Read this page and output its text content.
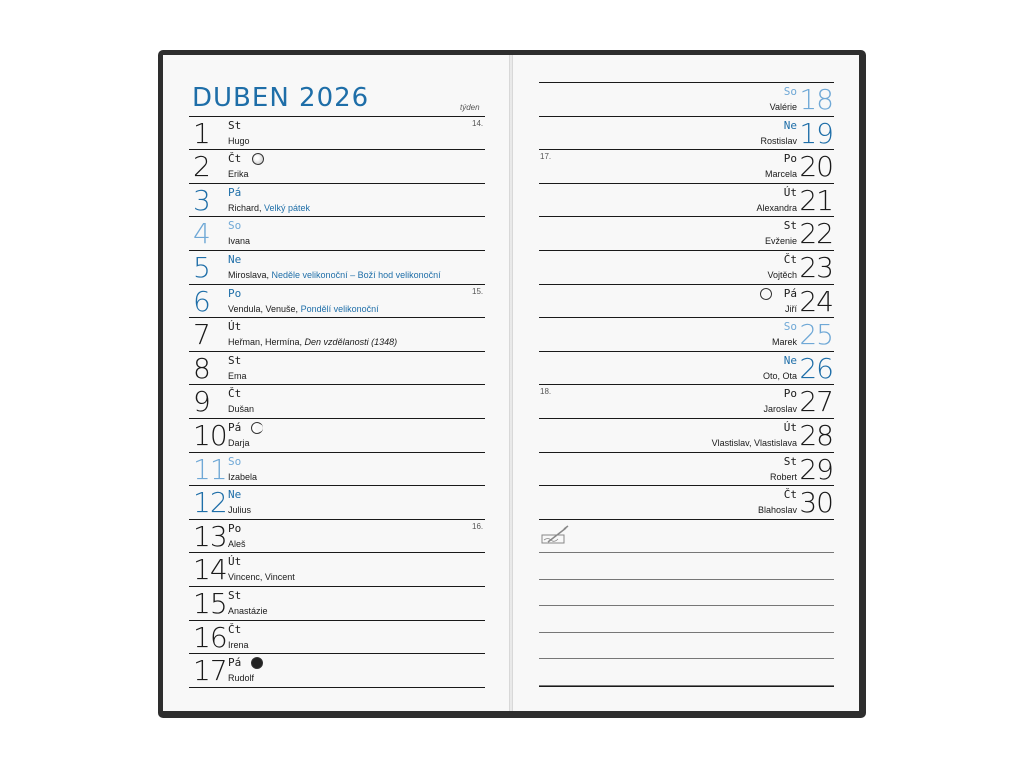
DUBEN 2026	týden
1 St
Hugo
14.
2 Čt
Erika
3 Pá
Richard, Velký pátek
4 So
Ivana
5 Ne
Miroslava, Neděle velikonoční – Boží hod velikonoční
6 Po
Vendula, Venuše, Pondělí velikonoční
15.
7 Út
Heřman, Hermína, Den vzdělanosti (1348)
8 St
Ema
9 Čt
Dušan
10 Pá
Darja
11 So
Izabela
12 Ne
Julius
13 Po
Aleš
16.
14 Út
Vincenc, Vincent
15 St
Anastázie
16 Čt
Irena
17 Pá
Rudolf
18
So
Valérie
19
Ne
Rostislav
20
Po
Marcela
17.
21
Út
Alexandra
22
St
Evženie
23
Čt
Vojtěch
24
Pá
Jiří
25
So
Marek
26
Ne
Oto, Ota
27
Po
Jaroslav
18.
28
Út
Vlastislav, Vlastislava
29
St
Robert
30
Čt
Blahoslav
